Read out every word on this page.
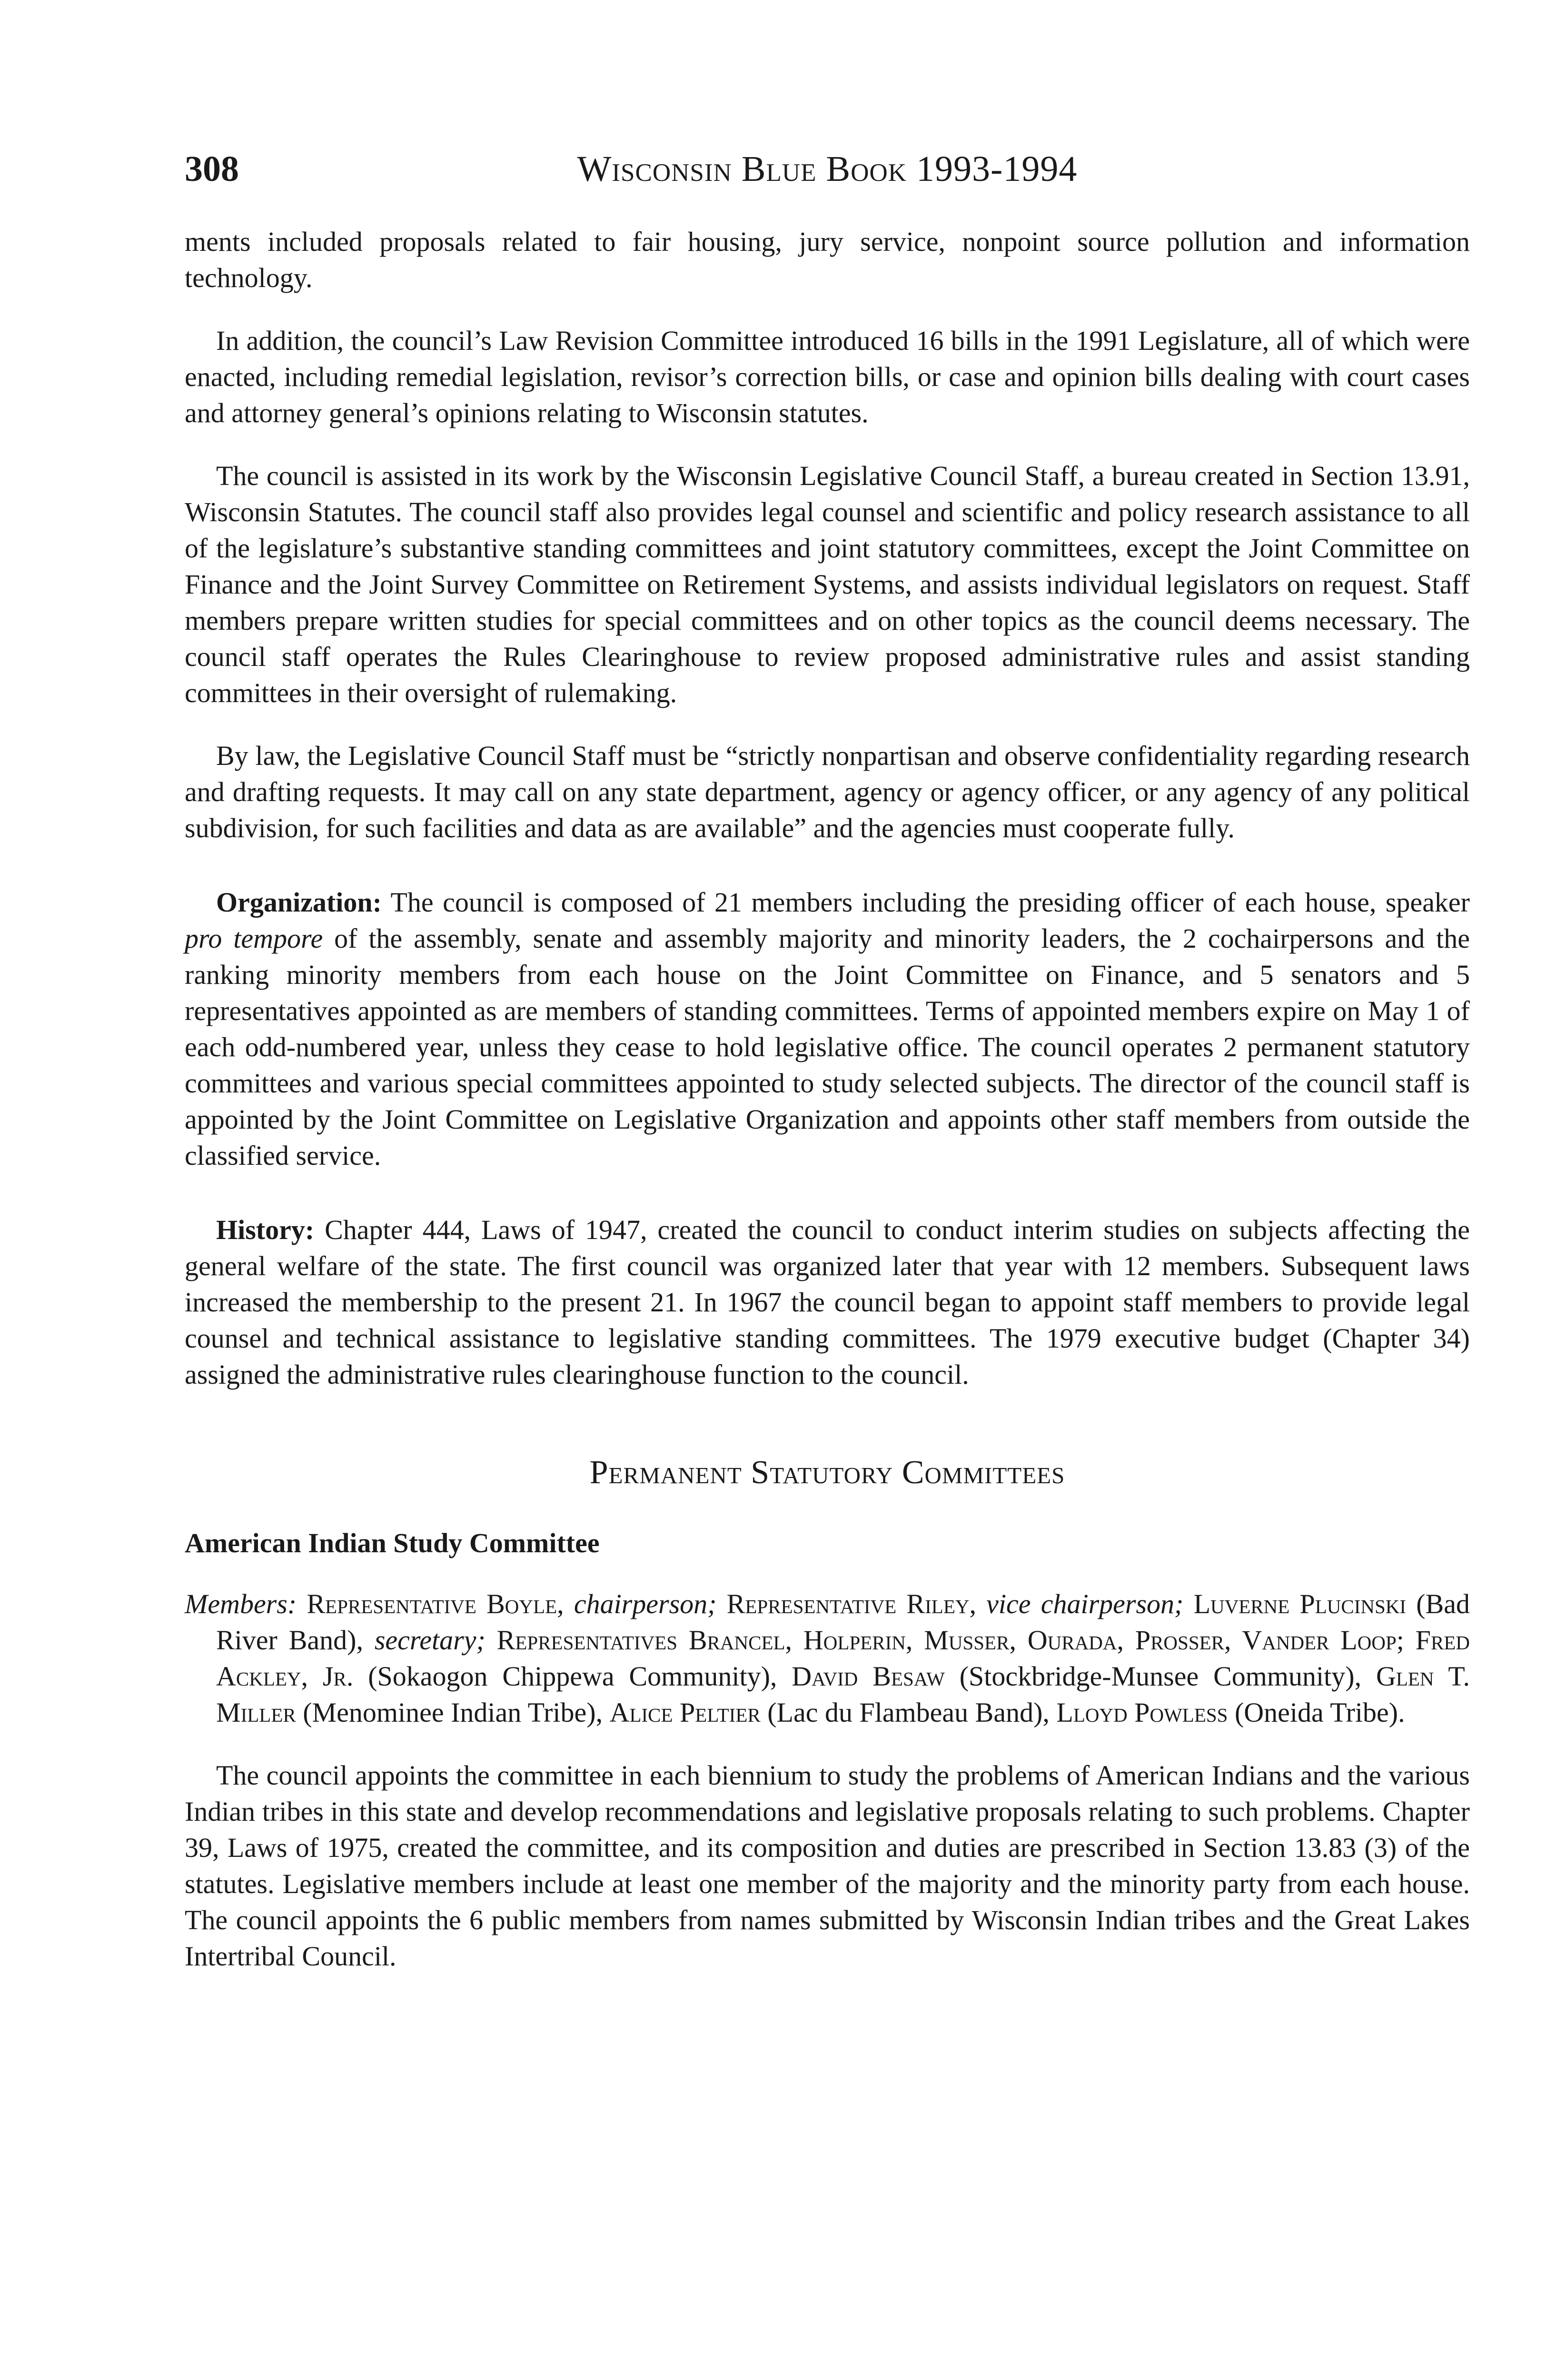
308	Wisconsin Blue Book 1993-1994

ments included proposals related to fair housing, jury service, nonpoint source pollution and information technology.

In addition, the council’s Law Revision Committee introduced 16 bills in the 1991 Legislature, all of which were enacted, including remedial legislation, revisor’s correction bills, or case and opinion bills dealing with court cases and attorney general’s opinions relating to Wisconsin statutes.

The council is assisted in its work by the Wisconsin Legislative Council Staff, a bureau created in Section 13.91, Wisconsin Statutes. The council staff also provides legal counsel and scientific and policy research assistance to all of the legislature’s substantive standing committees and joint statutory committees, except the Joint Committee on Finance and the Joint Survey Committee on Retirement Systems, and assists individual legislators on request. Staff members prepare written studies for special committees and on other topics as the council deems necessary. The council staff operates the Rules Clearinghouse to review proposed administrative rules and assist standing committees in their oversight of rulemaking.

By law, the Legislative Council Staff must be “strictly nonpartisan and observe confidentiality regarding research and drafting requests. It may call on any state department, agency or agency officer, or any agency of any political subdivision, for such facilities and data as are available” and the agencies must cooperate fully.

Organization: The council is composed of 21 members including the presiding officer of each house, speaker pro tempore of the assembly, senate and assembly majority and minority leaders, the 2 cochairpersons and the ranking minority members from each house on the Joint Committee on Finance, and 5 senators and 5 representatives appointed as are members of standing committees. Terms of appointed members expire on May 1 of each odd-numbered year, unless they cease to hold legislative office. The council operates 2 permanent statutory committees and various special committees appointed to study selected subjects. The director of the council staff is appointed by the Joint Committee on Legislative Organization and appoints other staff members from outside the classified service.

History: Chapter 444, Laws of 1947, created the council to conduct interim studies on subjects affecting the general welfare of the state. The first council was organized later that year with 12 members. Subsequent laws increased the membership to the present 21. In 1967 the council began to appoint staff members to provide legal counsel and technical assistance to legislative standing committees. The 1979 executive budget (Chapter 34) assigned the administrative rules clearinghouse function to the council.

Permanent Statutory Committees
American Indian Study Committee

Members: Representative Boyle, chairperson; Representative Riley, vice chairperson; Luverne Plucinski (Bad River Band), secretary; Representatives Brancel, Holperin, Musser, Ourada, Prosser, Vander Loop; Fred Ackley, Jr. (Sokaogon Chippewa Community), David Besaw (Stockbridge-Munsee Community), Glen T. Miller (Menominee Indian Tribe), Alice Peltier (Lac du Flambeau Band), Lloyd Powless (Oneida Tribe).

The council appoints the committee in each biennium to study the problems of American Indians and the various Indian tribes in this state and develop recommendations and legislative proposals relating to such problems. Chapter 39, Laws of 1975, created the committee, and its composition and duties are prescribed in Section 13.83 (3) of the statutes. Legislative members include at least one member of the majority and the minority party from each house. The council appoints the 6 public members from names submitted by Wisconsin Indian tribes and the Great Lakes Intertribal Council.
